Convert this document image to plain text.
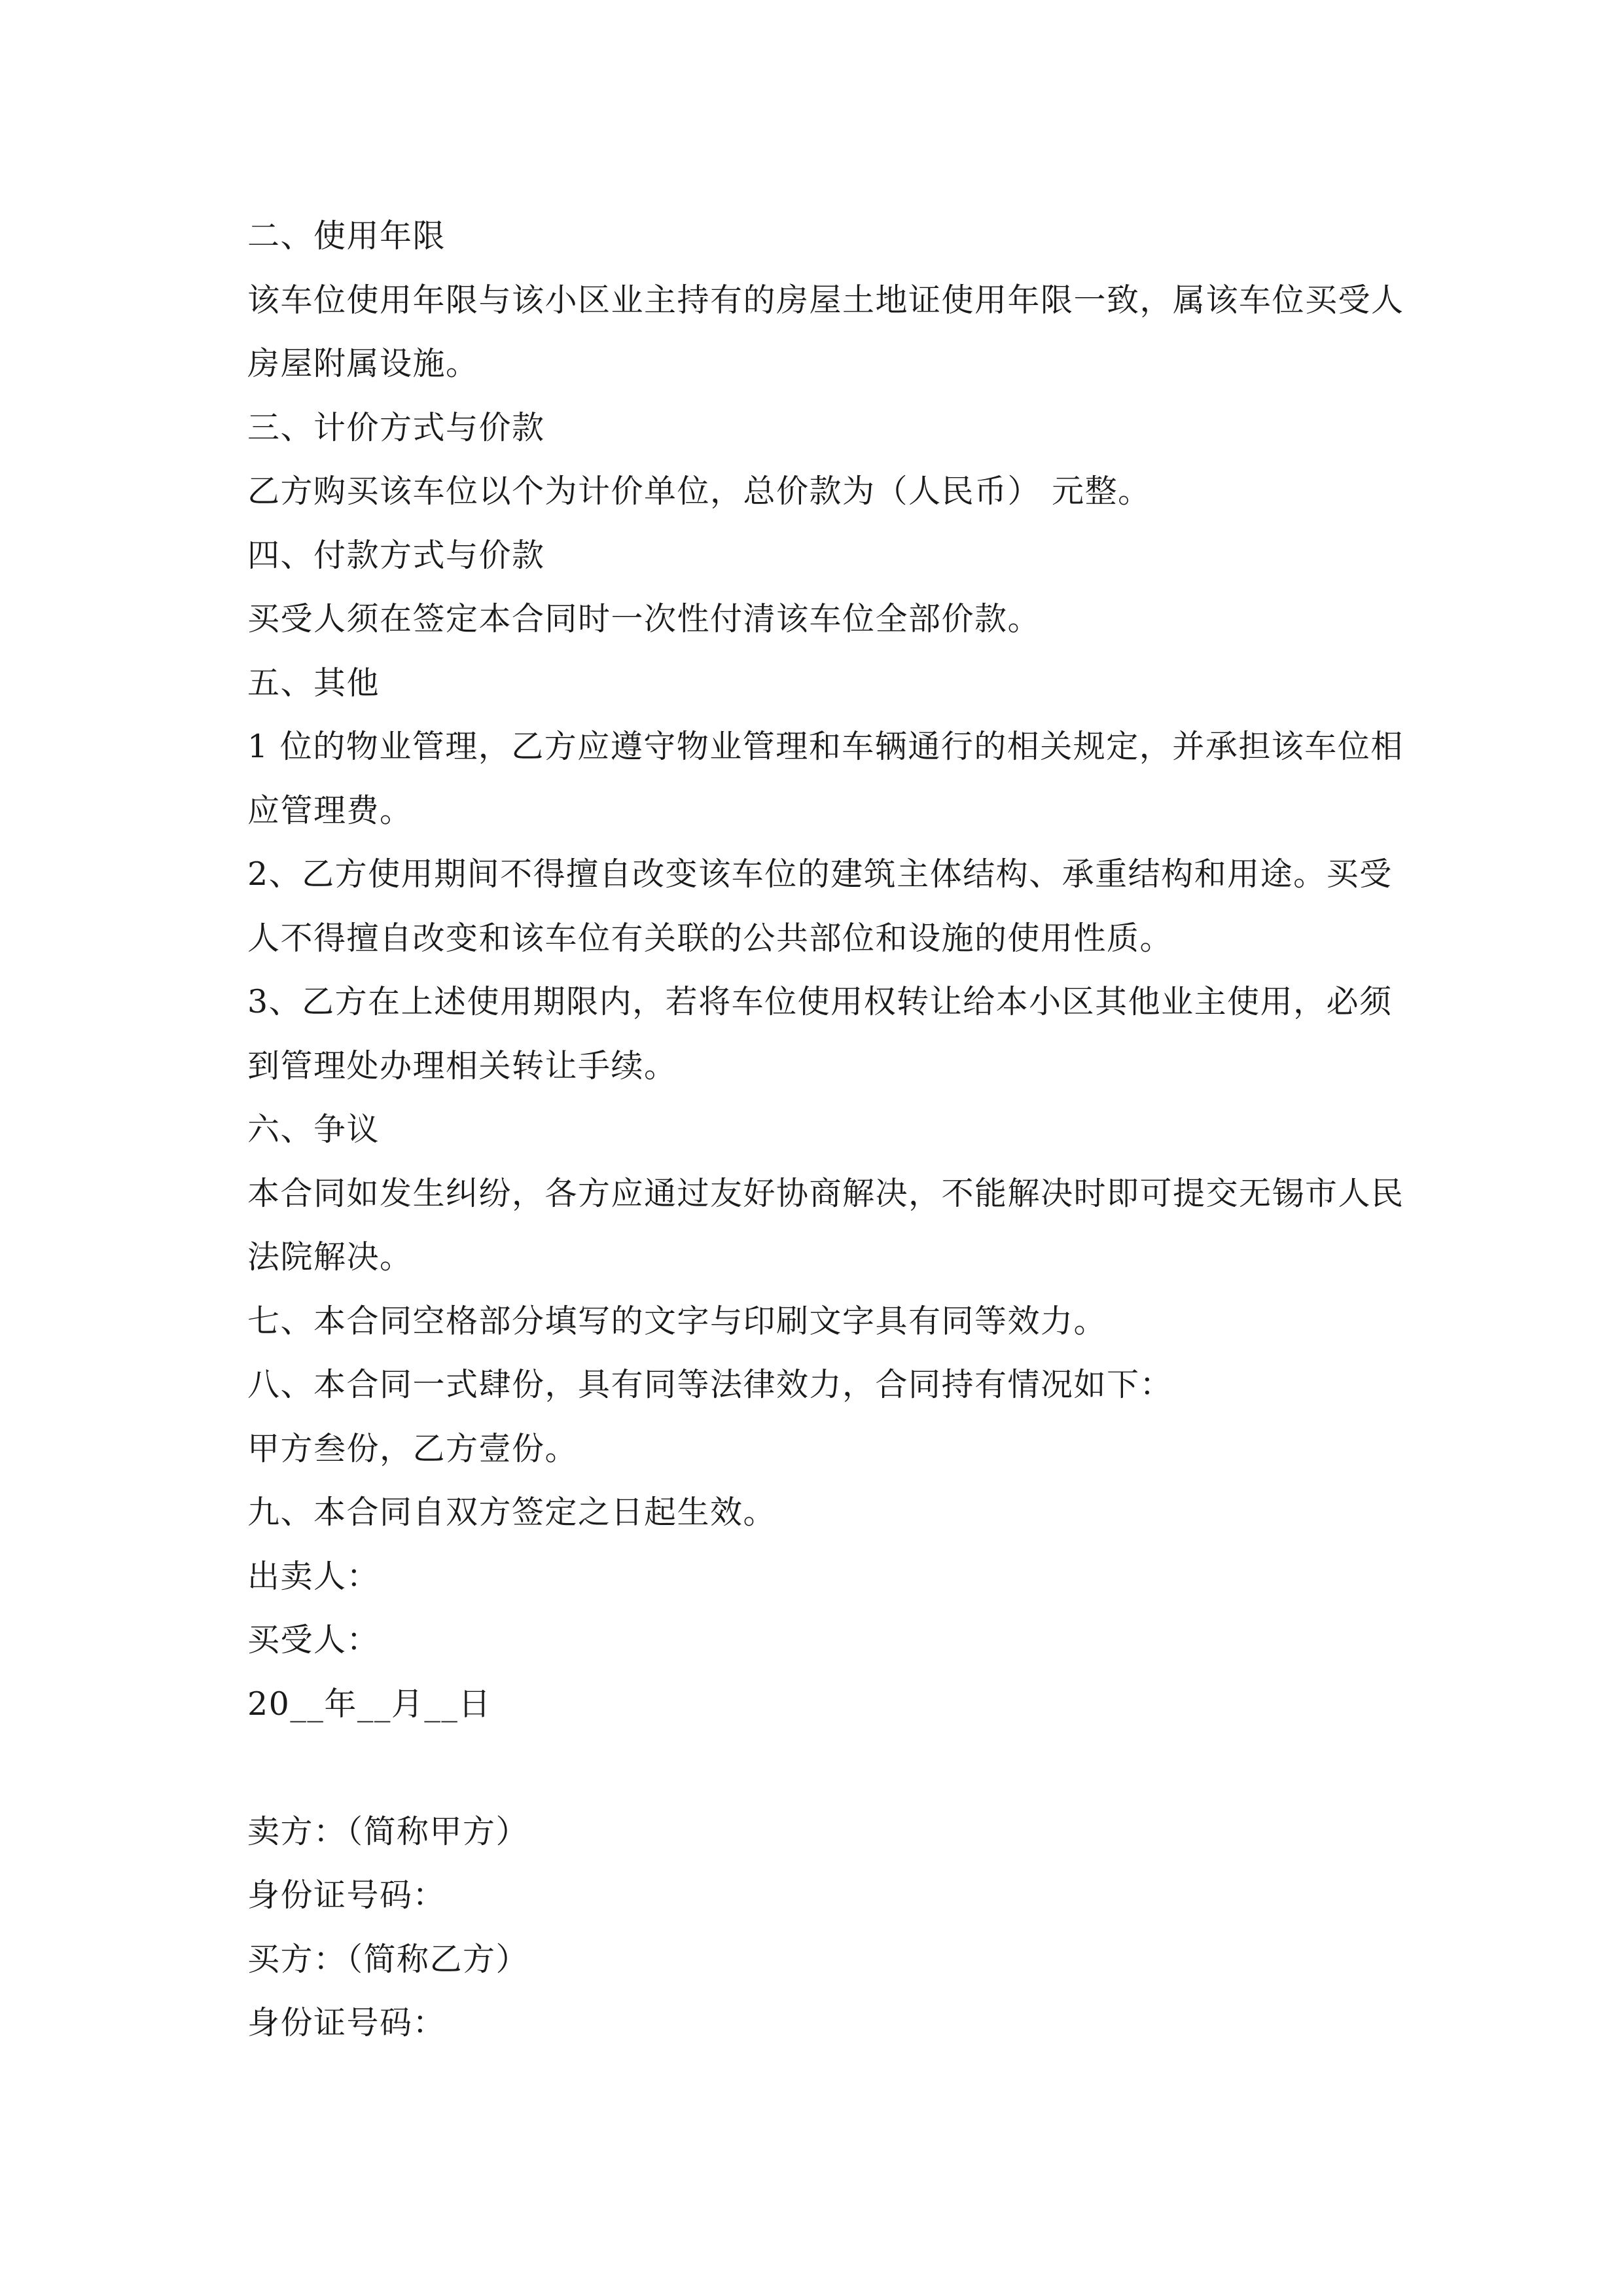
二、使用年限
该车位使用年限与该小区业主持有的房屋土地证使用年限一致，属该车位买受人
房屋附属设施。
三、计价方式与价款
乙方购买该车位以个为计价单位，总价款为（人民币） 元整。
四、付款方式与价款
买受人须在签定本合同时一次性付清该车位全部价款。
五、其他
1 位的物业管理，乙方应遵守物业管理和车辆通行的相关规定，并承担该车位相
应管理费。
2、乙方使用期间不得擅自改变该车位的建筑主体结构、承重结构和用途。买受
人不得擅自改变和该车位有关联的公共部位和设施的使用性质。
3、乙方在上述使用期限内，若将车位使用权转让给本小区其他业主使用，必须
到管理处办理相关转让手续。
六、争议
本合同如发生纠纷，各方应通过友好协商解决，不能解决时即可提交无锡市人民
法院解决。
七、本合同空格部分填写的文字与印刷文字具有同等效力。
八、本合同一式肆份，具有同等法律效力，合同持有情况如下：
甲方叁份，乙方壹份。
九、本合同自双方签定之日起生效。
出卖人：
买受人：
20__年__月__日
卖方：（简称甲方）
身份证号码：
买方：（简称乙方）
身份证号码：
